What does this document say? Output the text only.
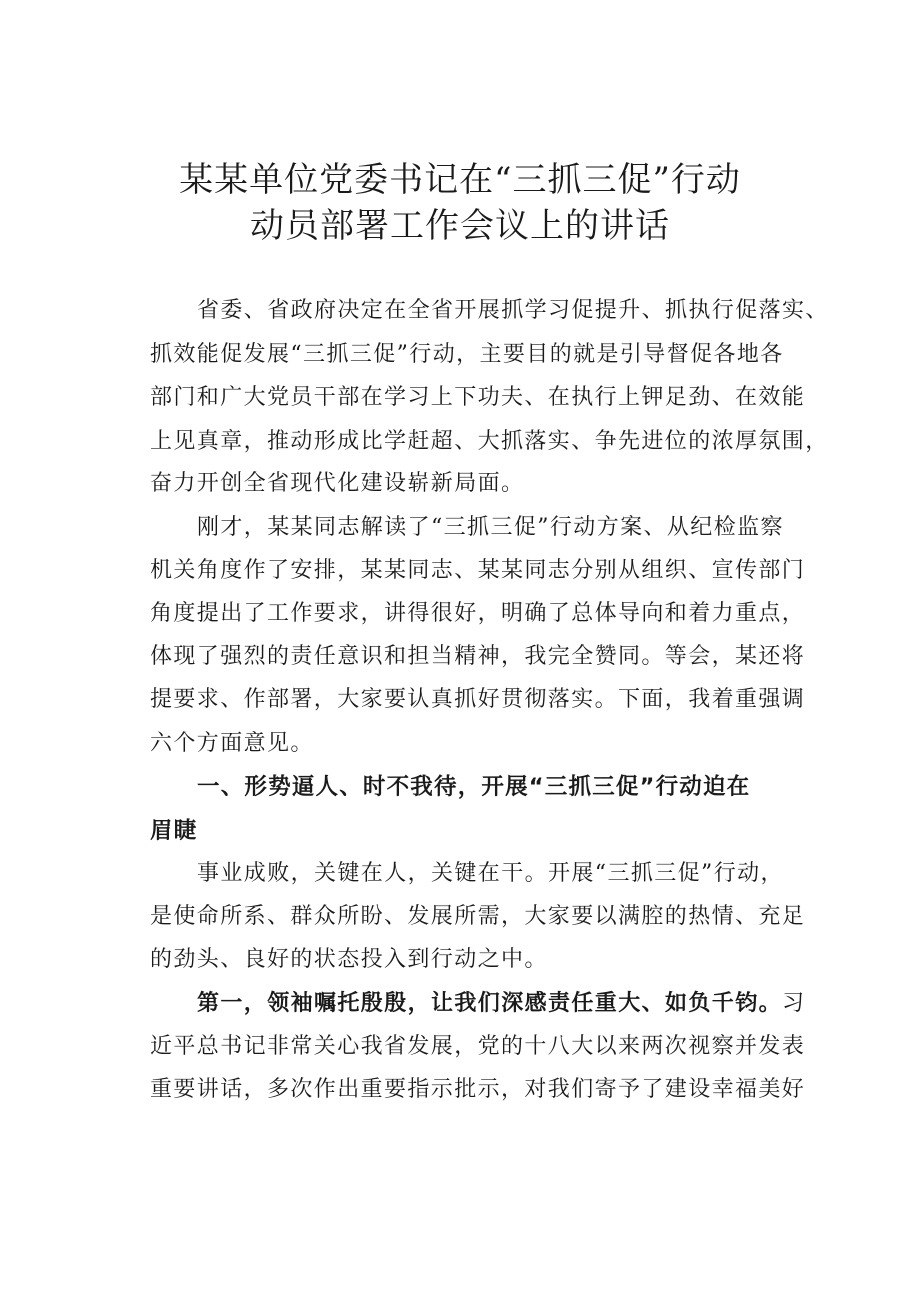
某某单位党委书记在“三抓三促”行动
动员部署工作会议上的讲话
省委、省政府决定在全省开展抓学习促提升、抓执行促落实、
抓效能促发展“三抓三促”行动，主要目的就是引导督促各地各
部门和广大党员干部在学习上下功夫、在执行上钾足劲、在效能
上见真章，推动形成比学赶超、大抓落实、争先进位的浓厚氛围，
奋力开创全省现代化建设崭新局面。
刚才，某某同志解读了“三抓三促”行动方案、从纪检监察
机关角度作了安排，某某同志、某某同志分别从组织、宣传部门
角度提出了工作要求，讲得很好，明确了总体导向和着力重点，
体现了强烈的责任意识和担当精神，我完全赞同。等会，某还将
提要求、作部署，大家要认真抓好贯彻落实。下面，我着重强调
六个方面意见。
一、形势逼人、时不我待，开展“三抓三促”行动迫在
眉睫
事业成败，关键在人，关键在干。开展“三抓三促”行动，
是使命所系、群众所盼、发展所需，大家要以满腔的热情、充足
的劲头、良好的状态投入到行动之中。
第一，领袖嘱托殷殷，让我们深感责任重大、如负千钧。习
近平总书记非常关心我省发展，党的十八大以来两次视察并发表
重要讲话，多次作出重要指示批示，对我们寄予了建设幸福美好
